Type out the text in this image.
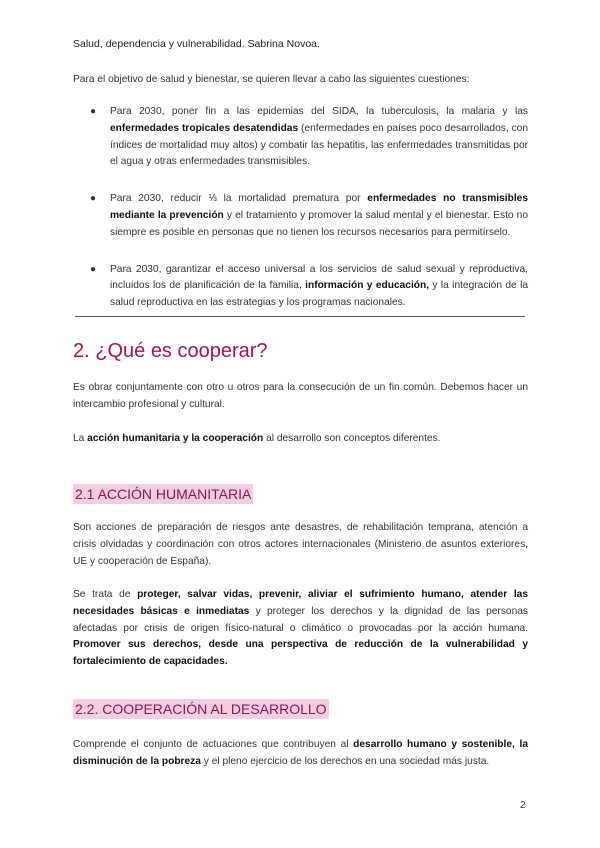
Salud, dependencia y vulnerabilidad. Sabrina Novoa.
Para el objetivo de salud y bienestar, se quieren llevar a cabo las siguientes cuestiones:
● Para 2030, poner fin a las epidemias del SIDA, la tuberculosis, la malaria y las enfermedades tropicales desatendidas (enfermedades en países poco desarrollados, con índices de mortalidad muy altos) y combatir las hepatitis, las enfermedades transmitidas por el agua y otras enfermedades transmisibles.
● Para 2030, reducir ⅓ la mortalidad prematura por enfermedades no transmisibles mediante la prevención y el tratamiento y promover la salud mental y el bienestar. Esto no siempre es posible en personas que no tienen los recursos necesarios para permitírselo.
● Para 2030, garantizar el acceso universal a los servicios de salud sexual y reproductiva, incluidos los de planificación de la familia, información y educación, y la integración de la salud reproductiva en las estrategias y los programas nacionales.
2. ¿Qué es cooperar?
Es obrar conjuntamente con otro u otros para la consecución de un fin común. Debemos hacer un intercambio profesional y cultural.
La acción humanitaria y la cooperación al desarrollo son conceptos diferentes.
2.1 ACCIÓN HUMANITARIA
Son acciones de preparación de riesgos ante desastres, de rehabilitación temprana, atención a crisis olvidadas y coordinación con otros actores internacionales (Ministerio de asuntos exteriores, UE y cooperación de España).
Se trata de proteger, salvar vidas, prevenir, aliviar el sufrimiento humano, atender las necesidades básicas e inmediatas y proteger los derechos y la dignidad de las personas afectadas por crisis de origen físico-natural o climático o provocadas por la acción humana. Promover sus derechos, desde una perspectiva de reducción de la vulnerabilidad y fortalecimiento de capacidades.
2.2. COOPERACIÓN AL DESARROLLO
Comprende el conjunto de actuaciones que contribuyen al desarrollo humano y sostenible, la disminución de la pobreza y el pleno ejercicio de los derechos en una sociedad más justa.
2
